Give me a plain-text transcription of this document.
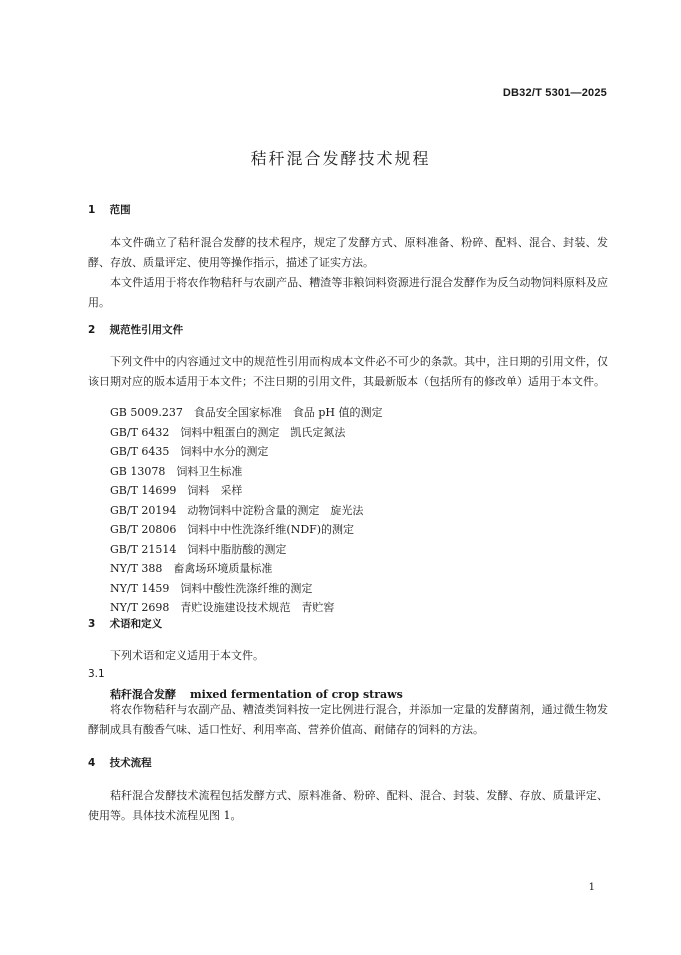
DB32/T 5301—2025
秸秆混合发酵技术规程
1 范围

本文件确立了秸秆混合发酵的技术程序，规定了发酵方式、原料准备、粉碎、配料、混合、封装、发酵、存放、质量评定、使用等操作指示，描述了证实方法。

本文件适用于将农作物秸秆与农副产品、糟渣等非粮饲料资源进行混合发酵作为反刍动物饲料原料及应用。

2 规范性引用文件

下列文件中的内容通过文中的规范性引用而构成本文件必不可少的条款。其中，注日期的引用文件，仅该日期对应的版本适用于本文件；不注日期的引用文件，其最新版本（包括所有的修改单）适用于本文件。

GB 5009.237　食品安全国家标准　食品 pH 值的测定
GB/T 6432　饲料中粗蛋白的测定　凯氏定氮法
GB/T 6435　饲料中水分的测定
GB 13078　饲料卫生标准
GB/T 14699　饲料　采样
GB/T 20194　动物饲料中淀粉含量的测定　旋光法
GB/T 20806　饲料中中性洗涤纤维(NDF)的测定
GB/T 21514　饲料中脂肪酸的测定
NY/T 388　畜禽场环境质量标准
NY/T 1459　饲料中酸性洗涤纤维的测定
NY/T 2698　青贮设施建设技术规范　青贮窖
3 术语和定义

下列术语和定义适用于本文件。

3.1
秸秆混合发酵 mixed fermentation of crop straws

将农作物秸秆与农副产品、糟渣类饲料按一定比例进行混合，并添加一定量的发酵菌剂，通过微生物发酵制成具有酸香气味、适口性好、利用率高、营养价值高、耐储存的饲料的方法。

4 技术流程

秸秆混合发酵技术流程包括发酵方式、原料准备、粉碎、配料、混合、封装、发酵、存放、质量评定、使用等。具体技术流程见图 1。

1
